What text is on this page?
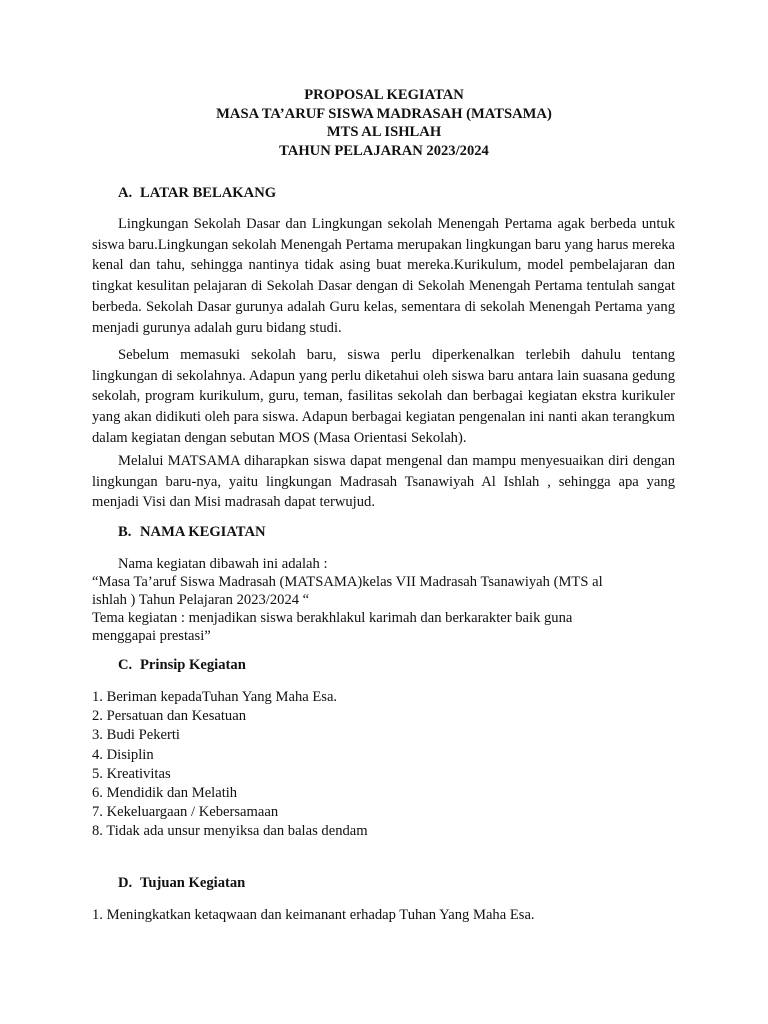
PROPOSAL KEGIATAN
MASA TA’ARUF SISWA MADRASAH (MATSAMA)
MTS AL ISHLAH
TAHUN PELAJARAN 2023/2024
A. LATAR BELAKANG

Lingkungan Sekolah Dasar dan Lingkungan sekolah Menengah Pertama agak berbeda untuk siswa baru.Lingkungan sekolah Menengah Pertama merupakan lingkungan baru yang harus mereka kenal dan tahu, sehingga nantinya tidak asing buat mereka.Kurikulum, model pembelajaran dan tingkat kesulitan pelajaran di Sekolah Dasar dengan di Sekolah Menengah Pertama tentulah sangat berbeda. Sekolah Dasar gurunya adalah Guru kelas, sementara di sekolah Menengah Pertama yang menjadi gurunya adalah guru bidang studi.

Sebelum memasuki sekolah baru, siswa perlu diperkenalkan terlebih dahulu tentang lingkungan di sekolahnya. Adapun yang perlu diketahui oleh siswa baru antara lain suasana gedung sekolah, program kurikulum, guru, teman, fasilitas sekolah dan berbagai kegiatan ekstra kurikuler yang akan didikuti oleh para siswa. Adapun berbagai kegiatan pengenalan ini nanti akan terangkum dalam kegiatan dengan sebutan MOS (Masa Orientasi Sekolah).

Melalui MATSAMA diharapkan siswa dapat mengenal dan mampu menyesuaikan diri dengan lingkungan baru-nya, yaitu lingkungan Madrasah Tsanawiyah Al Ishlah , sehingga apa yang menjadi Visi dan Misi madrasah dapat terwujud.

B. NAMA KEGIATAN
Nama kegiatan dibawah ini adalah :
“Masa Ta’aruf Siswa Madrasah (MATSAMA)kelas VII Madrasah Tsanawiyah (MTS al
ishlah ) Tahun Pelajaran 2023/2024 “
Tema kegiatan : menjadikan siswa berakhlakul karimah dan berkarakter baik guna
menggapai prestasi”
C. Prinsip Kegiatan
1. Beriman kepadaTuhan Yang Maha Esa.
2. Persatuan dan Kesatuan
3. Budi Pekerti
4. Disiplin
5. Kreativitas
6. Mendidik dan Melatih
7. Kekeluargaan / Kebersamaan
8. Tidak ada unsur menyiksa dan balas dendam
D. Tujuan Kegiatan
1. Meningkatkan ketaqwaan dan keimanant erhadap Tuhan Yang Maha Esa.
